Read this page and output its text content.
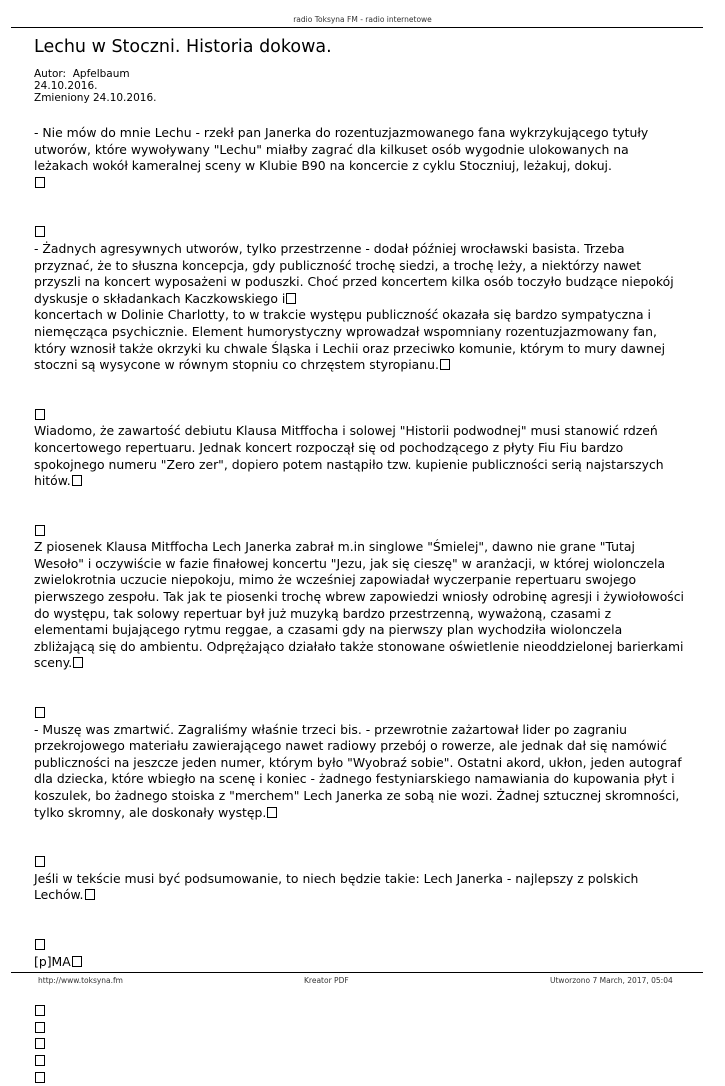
radio Toksyna FM - radio internetowe
Lechu w Stoczni. Historia dokowa.
Autor:  Apfelbaum
24.10.2016.
Zmieniony 24.10.2016.

- Nie mów do mnie Lechu - rzekł pan Janerka do rozentuzjazmowanego fana wykrzykującego tytuły utworów, które wywoływany "Lechu" miałby zagrać dla kilkuset osób wygodnie ulokowanych na leżakach wokół kameralnej sceny w Klubie B90 na koncercie z cyklu Stoczniuj, leżakuj, dokuj.

- Żadnych agresywnych utworów, tylko przestrzenne - dodał później wrocławski basista. Trzeba przyznać, że to słuszna koncepcja, gdy publiczność trochę siedzi, a trochę leży, a niektórzy nawet przyszli na koncert wyposażeni w poduszki. Choć przed koncertem kilka osób toczyło budzące niepokój dyskusje o składankach Kaczkowskiego i

koncertach w Dolinie Charlotty, to w trakcie występu publiczność okazała się bardzo sympatyczna i niemęcząca psychicznie. Element humorystyczny wprowadzał wspomniany rozentuzjazmowany fan, który wznosił także okrzyki ku chwale Śląska i Lechii oraz przeciwko komunie, którym to mury dawnej stoczni są wysycone w równym stopniu co chrzęstem styropianu.

Wiadomo, że zawartość debiutu Klausa Mitffocha i solowej "Historii podwodnej" musi stanowić rdzeń koncertowego repertuaru. Jednak koncert rozpoczął się od pochodzącego z płyty Fiu Fiu bardzo spokojnego numeru "Zero zer", dopiero potem nastąpiło tzw. kupienie publiczności serią najstarszych hitów.

Z piosenek Klausa Mitffocha Lech Janerka zabrał m.in singlowe "Śmielej", dawno nie grane "Tutaj Wesoło" i oczywiście w fazie finałowej koncertu "Jezu, jak się cieszę" w aranżacji, w której wiolonczela zwielokrotnia uczucie niepokoju, mimo że wcześniej zapowiadał wyczerpanie repertuaru swojego pierwszego zespołu. Tak jak te piosenki trochę wbrew zapowiedzi wniosły odrobinę agresji i żywiołowości do występu, tak solowy repertuar był już muzyką bardzo przestrzenną, wyważoną, czasami z elementami bujającego rytmu reggae, a czasami gdy na pierwszy plan wychodziła wiolonczela zbliżającą się do ambientu. Odprężająco działało także stonowane oświetlenie nieoddzielonej barierkami sceny.

- Muszę was zmartwić. Zagraliśmy właśnie trzeci bis. - przewrotnie zażartował lider po zagraniu przekrojowego materiału zawierającego nawet radiowy przebój o rowerze, ale jednak dał się namówić publiczności na jeszcze jeden numer, którym było "Wyobraź sobie". Ostatni akord, ukłon, jeden autograf dla dziecka, które wbiegło na scenę i koniec - żadnego festyniarskiego namawiania do kupowania płyt i koszulek, bo żadnego stoiska z "merchem" Lech Janerka ze sobą nie wozi. Żadnej sztucznej skromności, tylko skromny, ale doskonały występ.

Jeśli w tekście musi być podsumowanie, to niech będzie takie: Lech Janerka - najlepszy z polskich Lechów.

[p]MA

http://www.toksyna.fm	Kreator PDF	Utworzono 7 March, 2017, 05:04
